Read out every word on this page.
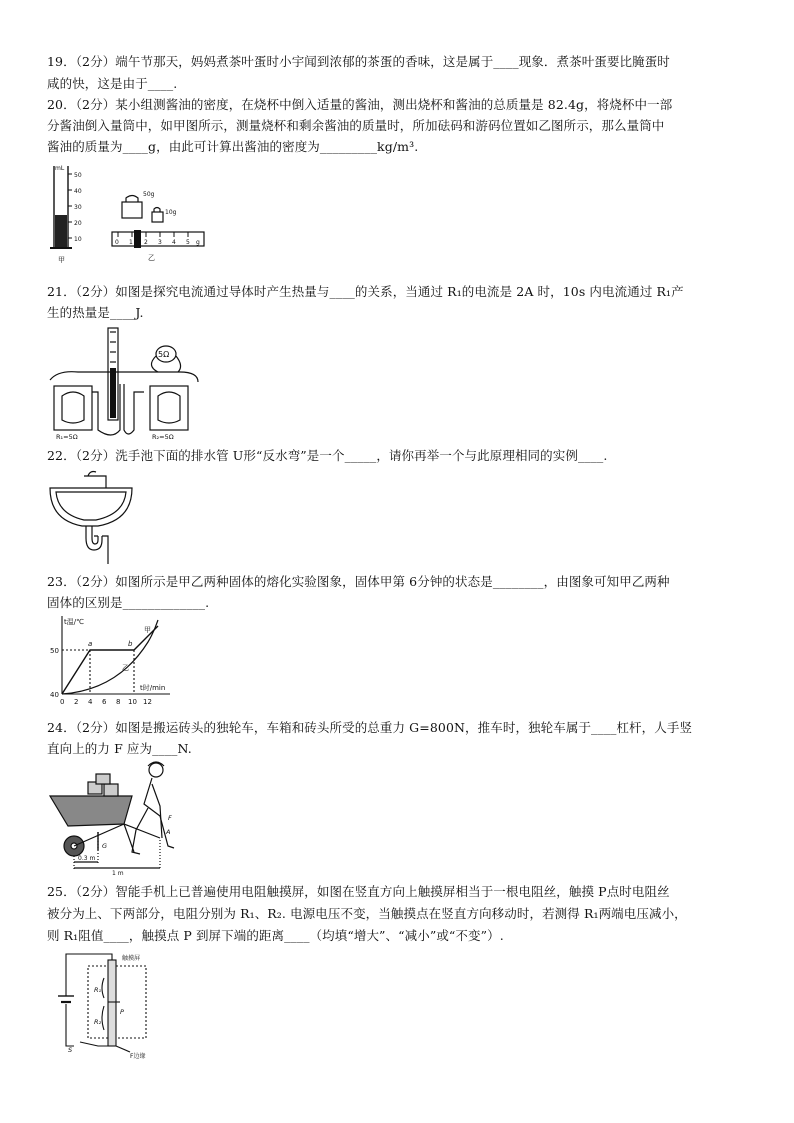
19．（2分）端午节那天，妈妈煮茶叶蛋时小宇闻到浓郁的茶蛋的香味，这是属于____现象．煮茶叶蛋要比腌蛋时
咸的快，这是由于____.
20．（2分）某小组测酱油的密度，在烧杯中倒入适量的酱油，测出烧杯和酱油的总质量是 82.4g，将烧杯中一部
分酱油倒入量筒中，如甲图所示，测量烧杯和剩余酱油的质量时，所加砝码和游码位置如乙图所示，那么量筒中
酱油的质量为____g，由此可计算出酱油的密度为_________kg/m³.
mL
50
40
30
20
10
甲
50g
10g
0 1 2 3 4 5 g
乙
21．（2分）如图是探究电流通过导体时产生热量与____的关系，当通过 R₁的电流是 2A 时，10s 内电流通过 R₁产
生的热量是____J.
5Ω
R₁=5Ω	R₂=5Ω
22．（2分）洗手池下面的排水管 U形“反水弯”是一个_____，请你再举一个与此原理相同的实例____.
23．（2分）如图所示是甲乙两种固体的熔化实验图象，固体甲第 6分钟的状态是________，由图象可知甲乙两种
固体的区别是_____________.
t温/℃
t时/min
50
40
0 2 4 6 8 10 12
a	b
甲
乙
24．（2分）如图是搬运砖头的独轮车，车箱和砖头所受的总重力 G=800N，推车时，独轮车属于____杠杆，人手竖
直向上的力 F 应为____N.
G
F
A
0.3 m
1 m
25．（2分）智能手机上已普遍使用电阻触摸屏，如图在竖直方向上触摸屏相当于一根电阻丝，触摸 P点时电阻丝
被分为上、下两部分，电阻分别为 R₁、R₂. 电源电压不变，当触摸点在竖直方向移动时，若测得 R₁两端电压减小，
则 R₁阻值____，触摸点 P 到屏下端的距离____（均填“增大”、“减小”或“不变”）.
触摸屏
R₁
R₂
P
S
F边缘
